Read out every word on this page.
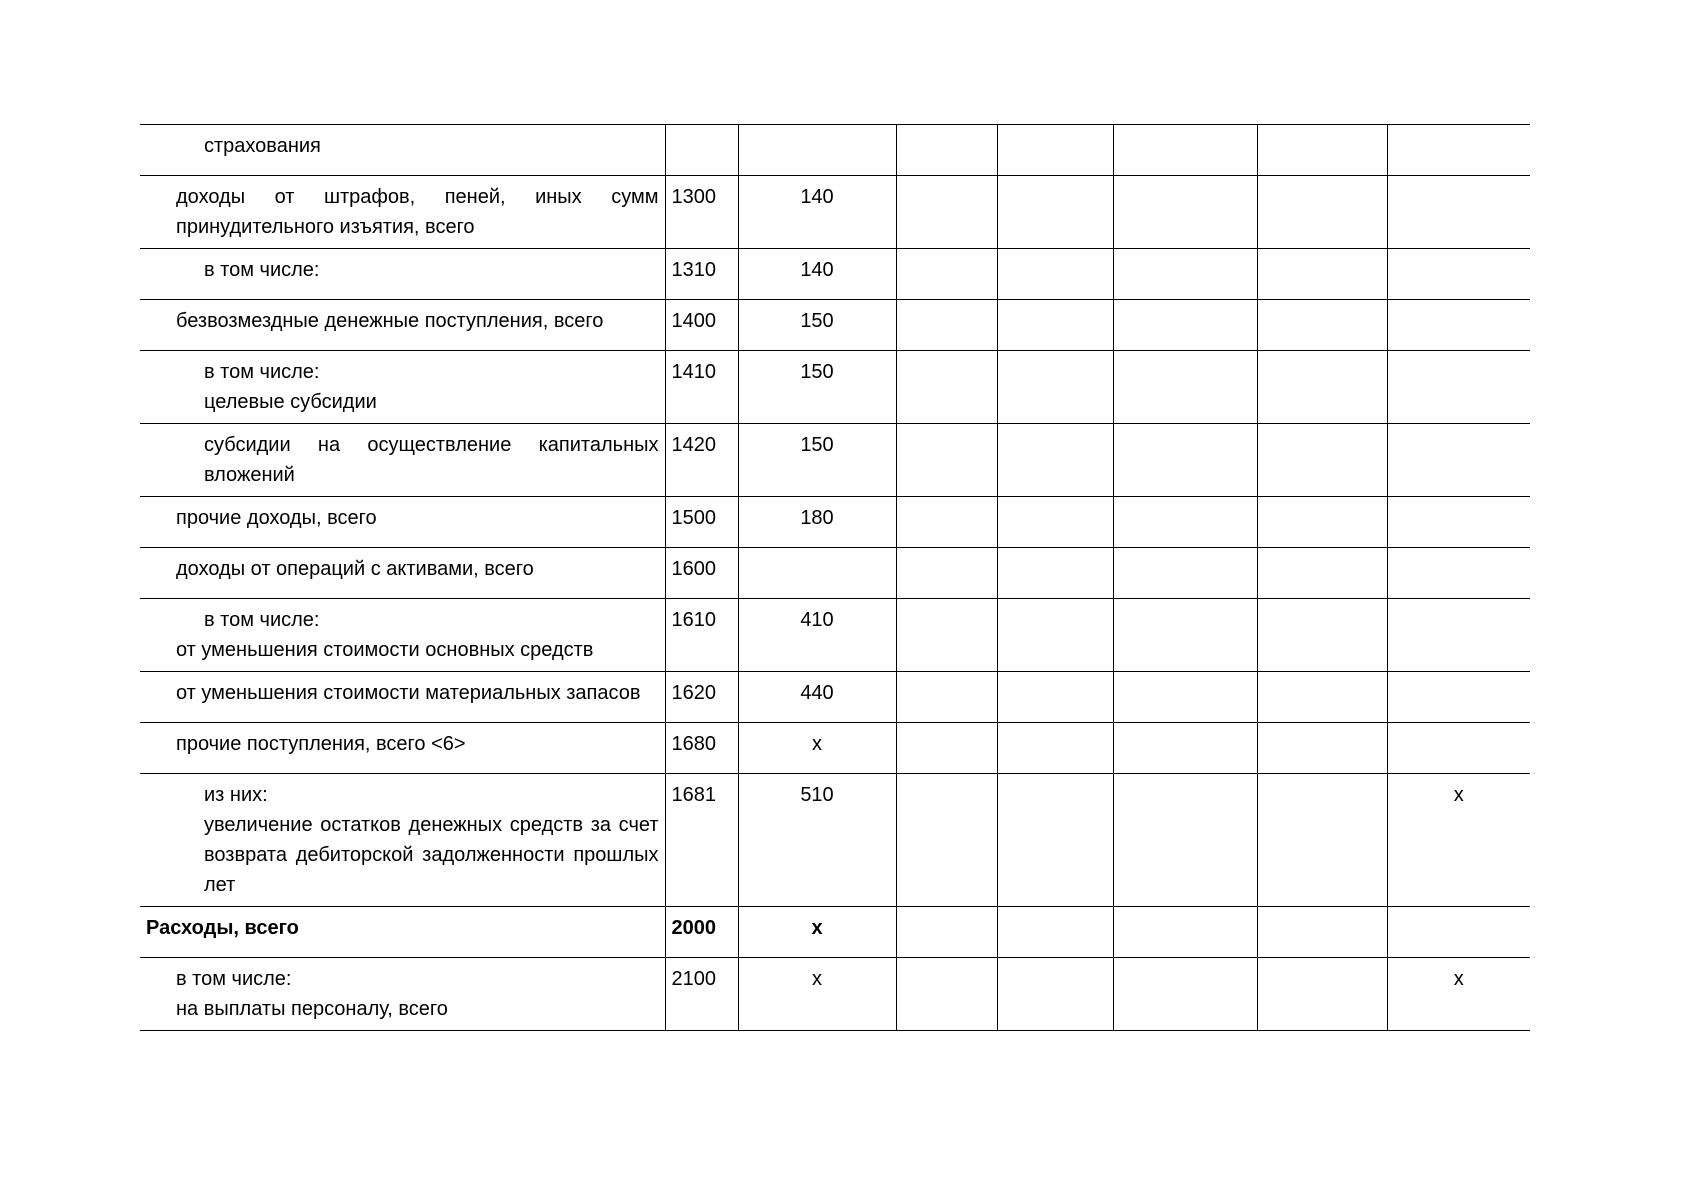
страхования							

доходы от штрафов, пеней, иных сумм принудительного изъятия, всего	1300	140					

в том числе:	1310	140					

безвозмездные денежные поступления, всего	1400	150					

в том числе:
целевые субсидии	1410	150					

субсидии на осуществление капитальных вложений	1420	150					

прочие доходы, всего	1500	180					

доходы от операций с активами, всего	1600						

в том числе:
от уменьшения стоимости основных средств	1610	410					

от уменьшения стоимости материальных запасов	1620	440					

прочие поступления, всего <6>	1680	х					

из них:
увеличение остатков денежных средств за счет возврата дебиторской задолженности прошлых лет	1681	510					х

Расходы, всего	2000	х					

в том числе:
на выплаты персоналу, всего	2100	х					х
